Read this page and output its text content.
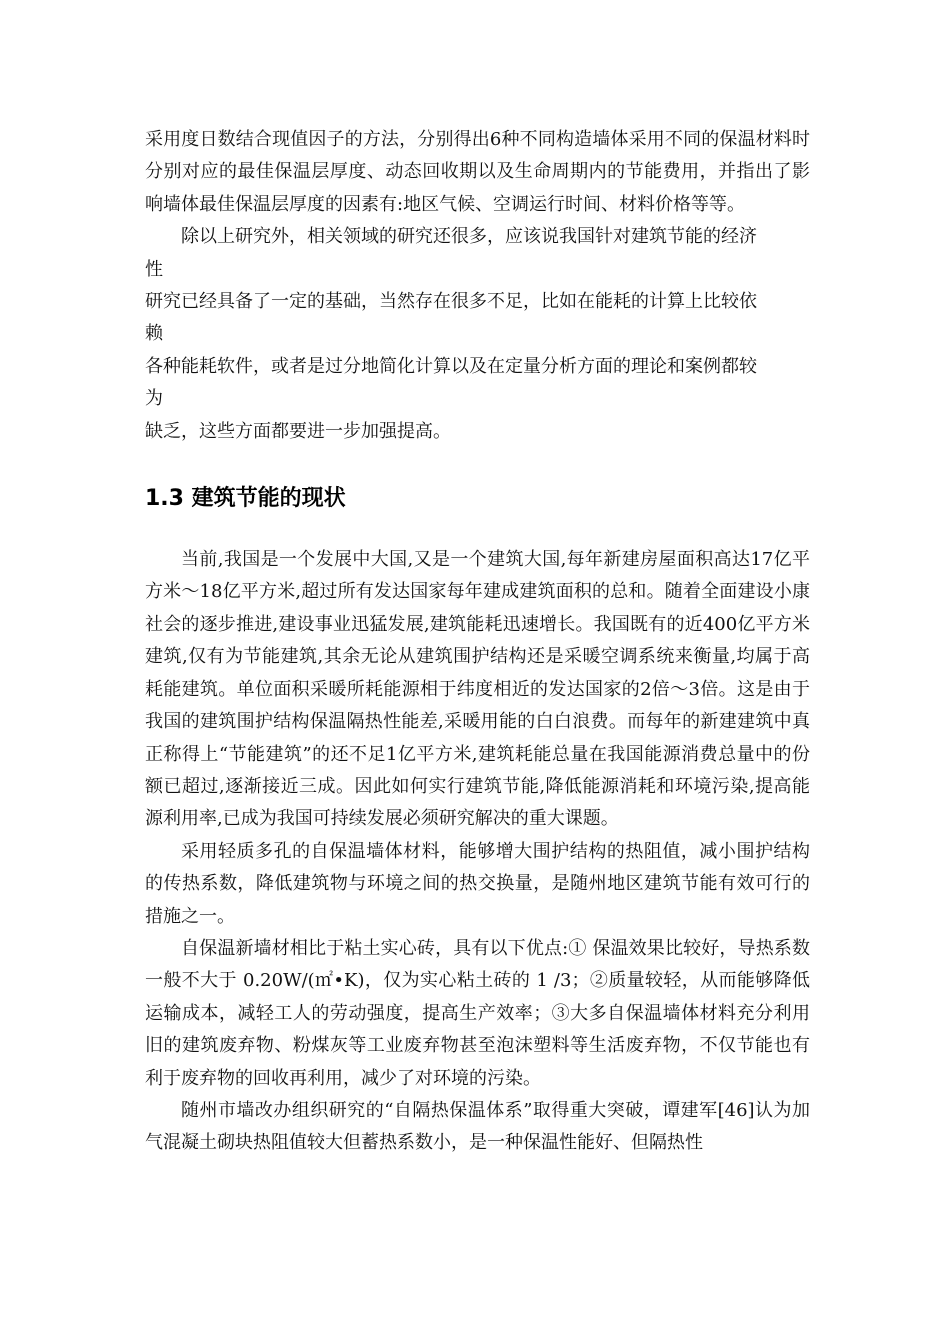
采用度日数结合现值因子的方法，分别得出6种不同构造墙体采用不同的保温材料时分别对应的最佳保温层厚度、动态回收期以及生命周期内的节能费用，并指出了影响墙体最佳保温层厚度的因素有:地区气候、空调运行时间、材料价格等等。

除以上研究外，相关领域的研究还很多，应该说我国针对建筑节能的经济

性

研究已经具备了一定的基础，当然存在很多不足，比如在能耗的计算上比较依

赖

各种能耗软件，或者是过分地简化计算以及在定量分析方面的理论和案例都较

为

缺乏，这些方面都要进一步加强提高。

1.3 建筑节能的现状

当前,我国是一个发展中大国,又是一个建筑大国,每年新建房屋面积高达17亿平方米～18亿平方米,超过所有发达国家每年建成建筑面积的总和。随着全面建设小康社会的逐步推进,建设事业迅猛发展,建筑能耗迅速增长。我国既有的近400亿平方米建筑,仅有为节能建筑,其余无论从建筑围护结构还是采暖空调系统来衡量,均属于高耗能建筑。单位面积采暖所耗能源相于纬度相近的发达国家的2倍～3倍。这是由于我国的建筑围护结构保温隔热性能差,采暖用能的白白浪费。而每年的新建建筑中真正称得上“节能建筑”的还不足1亿平方米,建筑耗能总量在我国能源消费总量中的份额已超过,逐渐接近三成。因此如何实行建筑节能,降低能源消耗和环境污染,提高能源利用率,已成为我国可持续发展必须研究解决的重大课题。

采用轻质多孔的自保温墙体材料，能够增大围护结构的热阻值，减小围护结构的传热系数，降低建筑物与环境之间的热交换量，是随州地区建筑节能有效可行的措施之一。

自保温新墙材相比于粘土实心砖，具有以下优点:① 保温效果比较好，导热系数一般不大于 0.20W/(㎡•K)，仅为实心粘土砖的 1 /3；②质量较轻，从而能够降低运输成本，减轻工人的劳动强度，提高生产效率；③大多自保温墙体材料充分利用旧的建筑废弃物、粉煤灰等工业废弃物甚至泡沫塑料等生活废弃物，不仅节能也有利于废弃物的回收再利用，减少了对环境的污染。

随州市墙改办组织研究的“自隔热保温体系”取得重大突破，谭建军[46]认为加气混凝土砌块热阻值较大但蓄热系数小，是一种保温性能好、但隔热性
